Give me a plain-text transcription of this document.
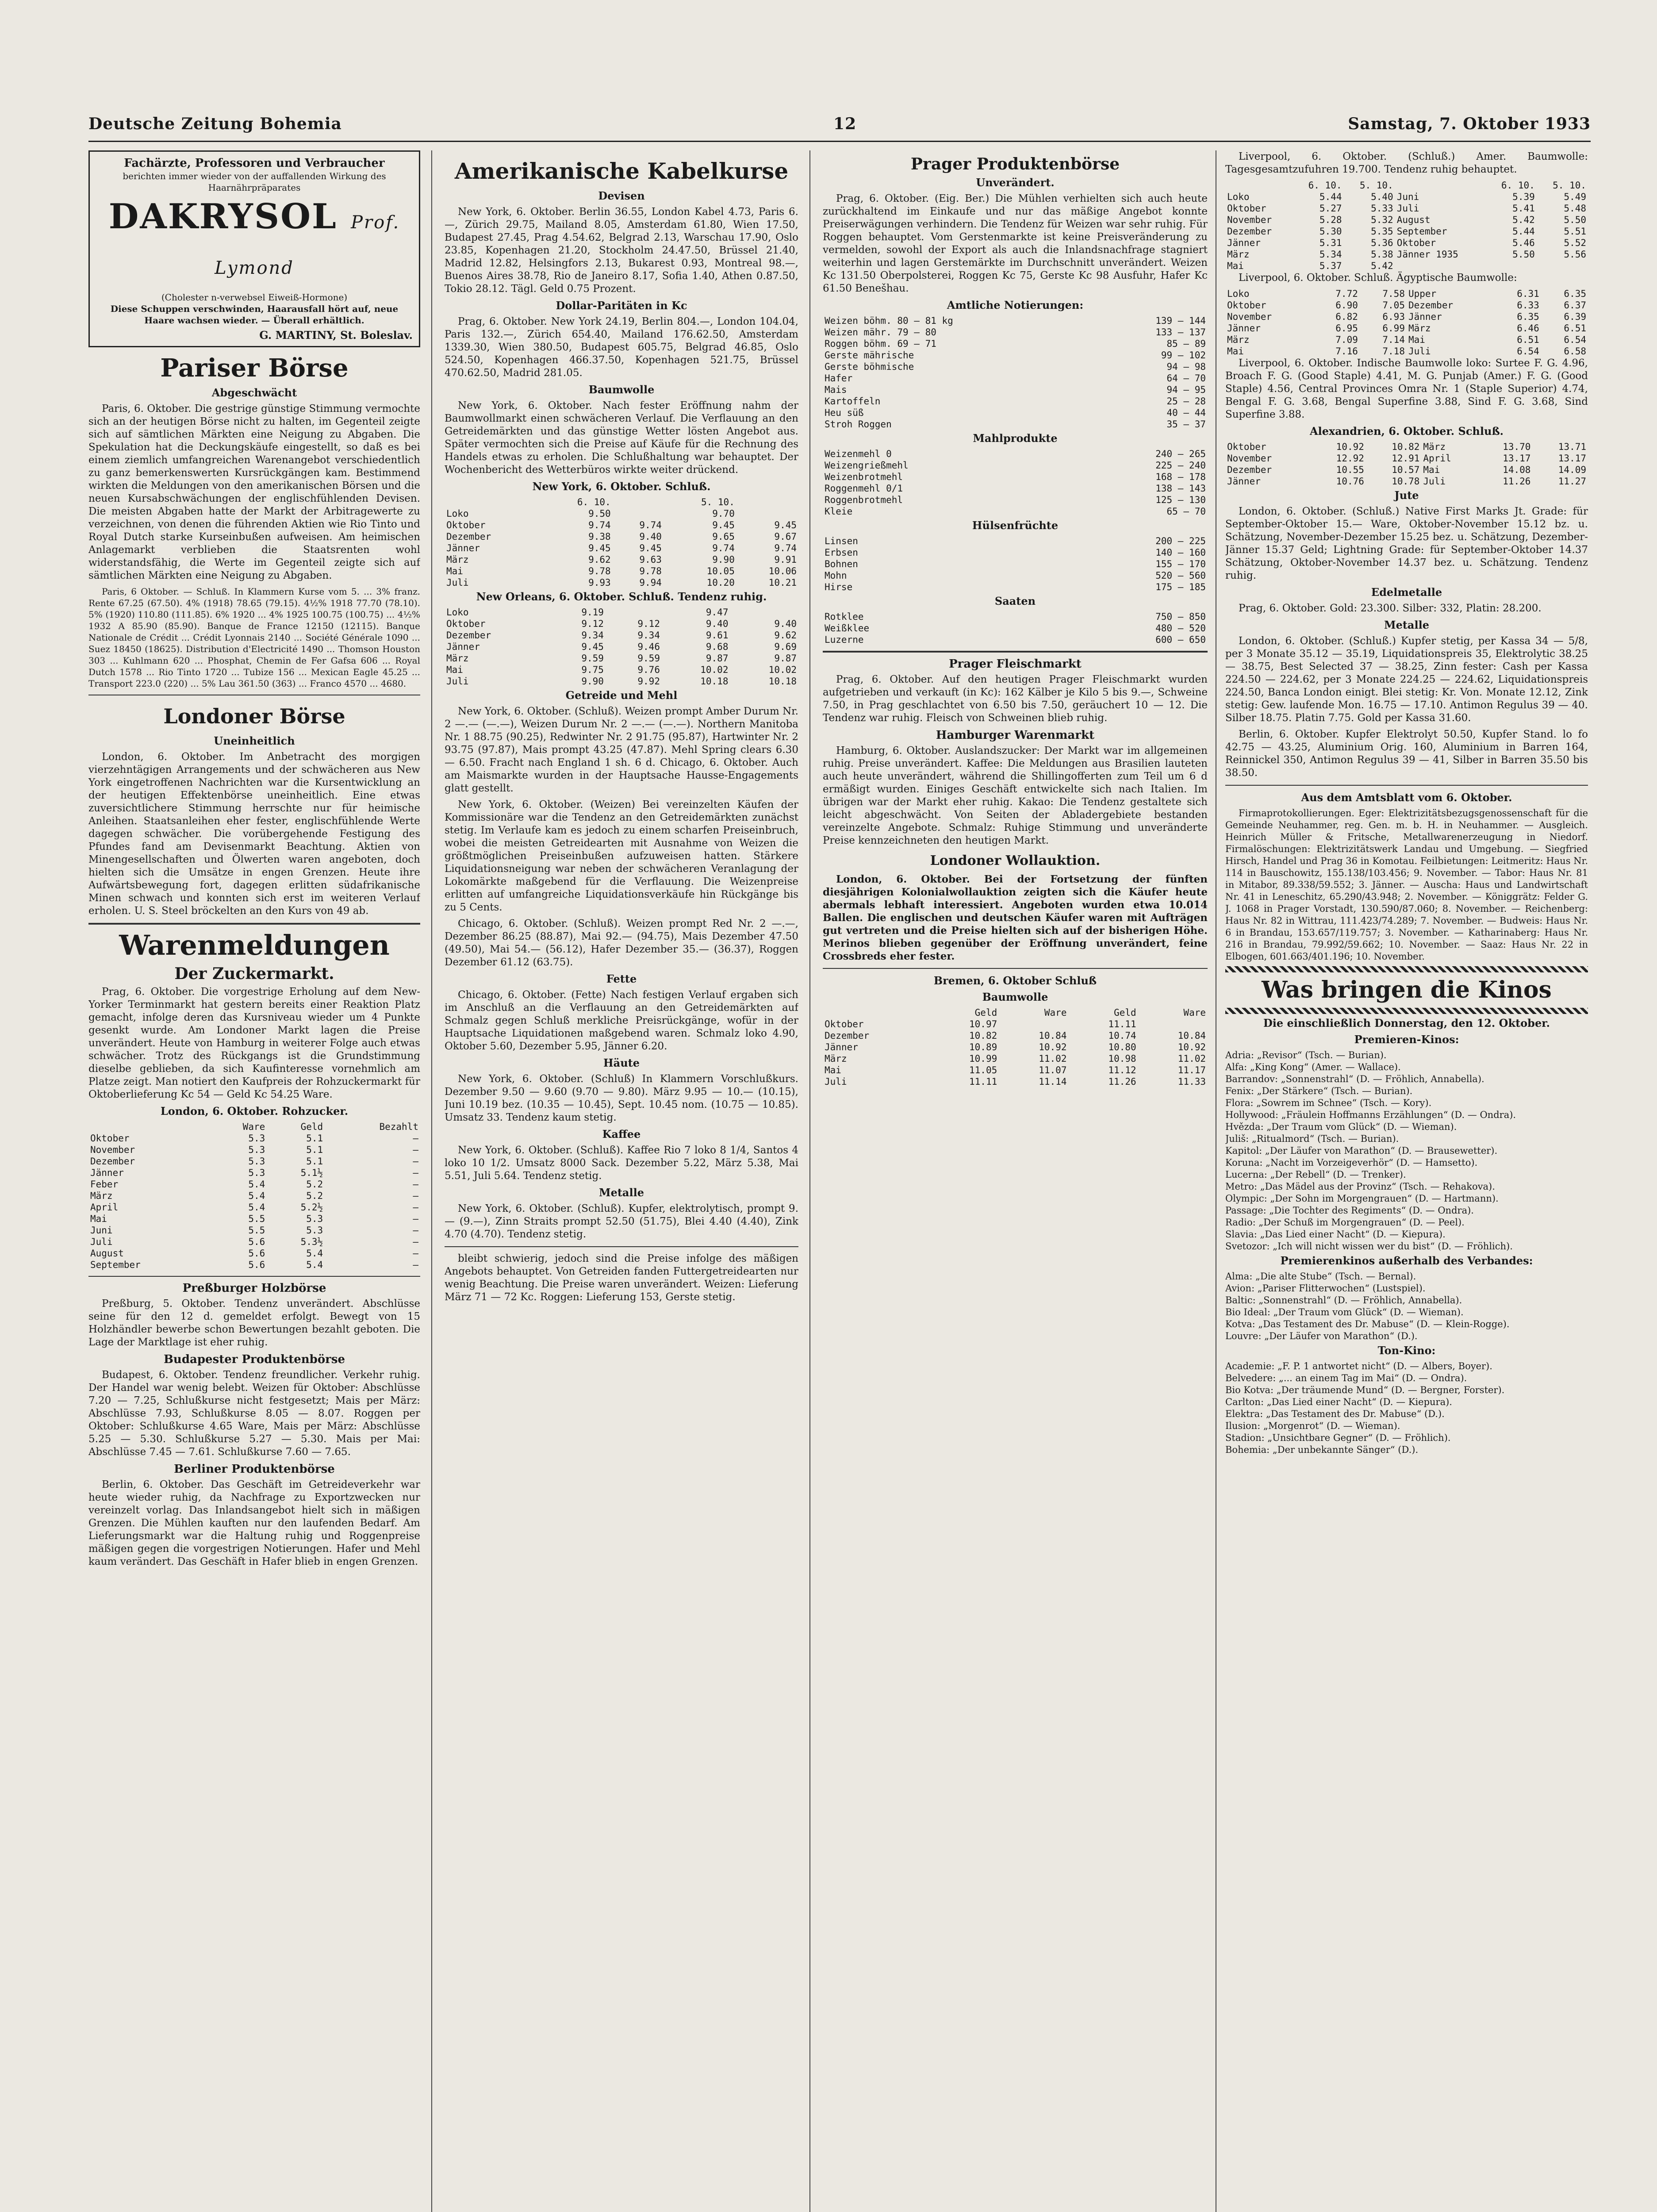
Deutsche Zeitung Bohemia	12	Samstag, 7. Oktober 1933
Fachärzte, Professoren und Verbraucher
berichten immer wieder von der auffallenden Wirkung des Haarnährpräparates
DAKRYSOL Prof. Lymond
(Cholester n-verwebsel Eiweiß-Hormone)
Diese Schuppen verschwinden, Haarausfall hört auf, neue Haare wachsen wieder. — Überall erhältlich.
G. MARTINY, St. Boleslav.
Pariser Börse
Abgeschwächt

Paris, 6. Oktober. Die gestrige günstige Stimmung vermochte sich an der heutigen Börse nicht zu halten, im Gegenteil zeigte sich auf sämtlichen Märkten eine Neigung zu Abgaben. Die Spekulation hat die Deckungskäufe eingestellt, so daß es bei einem ziemlich umfangreichen Warenangebot verschiedentlich zu ganz bemerkenswerten Kursrückgängen kam. Bestimmend wirkten die Meldungen von den amerikanischen Börsen und die neuen Kursabschwächungen der englischfühlenden Devisen. Die meisten Abgaben hatte der Markt der Arbitragewerte zu verzeichnen, von denen die führenden Aktien wie Rio Tinto und Royal Dutch starke Kurseinbußen aufweisen. Am heimischen Anlagemarkt verblieben die Staatsrenten wohl widerstandsfähig, die Werte im Gegenteil zeigte sich auf sämtlichen Märkten eine Neigung zu Abgaben.

Paris, 6 Oktober. — Schluß. In Klammern Kurse vom 5. ... 3% franz. Rente 67.25 (67.50). 4% (1918) 78.65 (79.15). 4½% 1918 77.70 (78.10). 5% (1920) 110.80 (111.85). 6% 1920 ... 4% 1925 100.75 (100.75) ... 4½% 1932 A 85.90 (85.90). Banque de France 12150 (12115). Banque Nationale de Crédit ... Crédit Lyonnais 2140 ... Société Générale 1090 ... Suez 18450 (18625). Distribution d'Electricité 1490 ... Thomson Houston 303 ... Kuhlmann 620 ... Phosphat, Chemin de Fer Gafsa 606 ... Royal Dutch 1578 ... Rio Tinto 1720 ... Tubize 156 ... Mexican Eagle 45.25 ... Transport 223.0 (220) ... 5% Lau 361.50 (363) ... Franco 4570 ... 4680.

Londoner Börse
Uneinheitlich

London, 6. Oktober. Im Anbetracht des morgigen vierzehntägigen Arrangements und der schwächeren aus New York eingetroffenen Nachrichten war die Kursentwicklung an der heutigen Effektenbörse uneinheitlich. Eine etwas zuversichtlichere Stimmung herrschte nur für heimische Anleihen. Staatsanleihen eher fester, englischfühlende Werte dagegen schwächer. Die vorübergehende Festigung des Pfundes fand am Devisenmarkt Beachtung. Aktien von Minengesellschaften und Ölwerten waren angeboten, doch hielten sich die Umsätze in engen Grenzen. Heute ihre Aufwärtsbewegung fort, dagegen erlitten südafrikanische Minen schwach und konnten sich erst im weiteren Verlauf erholen. U. S. Steel bröckelten an den Kurs von 49 ab.

Warenmeldungen
Der Zuckermarkt.

Prag, 6. Oktober. Die vorgestrige Erholung auf dem New-Yorker Terminmarkt hat gestern bereits einer Reaktion Platz gemacht, infolge deren das Kursniveau wieder um 4 Punkte gesenkt wurde. Am Londoner Markt lagen die Preise unverändert. Heute von Hamburg in weiterer Folge auch etwas schwächer. Trotz des Rückgangs ist die Grundstimmung dieselbe geblieben, da sich Kaufinteresse vornehmlich am Platze zeigt. Man notiert den Kaufpreis der Rohzuckermarkt für Oktoberlieferung Kc 54 — Geld Kc 54.25 Ware.

London, 6. Oktober. Rohzucker.
	Ware	Geld	Bezahlt
Oktober	5.3	5.1	—
November	5.3	5.1	—
Dezember	5.3	5.1	—
Jänner	5.3	5.1½	—
Feber	5.4	5.2	—
März	5.4	5.2	—
April	5.4	5.2½	—
Mai	5.5	5.3	—
Juni	5.5	5.3	—
Juli	5.6	5.3½	—
August	5.6	5.4	—
September	5.6	5.4	—
Preßburger Holzbörse

Preßburg, 5. Oktober. Tendenz unverändert. Abschlüsse seine für den 12 d. gemeldet erfolgt. Bewegt von 15 Holzhändler bewerbe schon Bewertungen bezahlt geboten. Die Lage der Marktlage ist eher ruhig.

Budapester Produktenbörse

Budapest, 6. Oktober. Tendenz freundlicher. Verkehr ruhig. Der Handel war wenig belebt. Weizen für Oktober: Abschlüsse 7.20 — 7.25, Schlußkurse nicht festgesetzt; Mais per März: Abschlüsse 7.93, Schlußkurse 8.05 — 8.07. Roggen per Oktober: Schlußkurse 4.65 Ware, Mais per März: Abschlüsse 5.25 — 5.30. Schlußkurse 5.27 — 5.30. Mais per Mai: Abschlüsse 7.45 — 7.61. Schlußkurse 7.60 — 7.65.

Berliner Produktenbörse

Berlin, 6. Oktober. Das Geschäft im Getreideverkehr war heute wieder ruhig, da Nachfrage zu Exportzwecken nur vereinzelt vorlag. Das Inlandsangebot hielt sich in mäßigen Grenzen. Die Mühlen kauften nur den laufenden Bedarf. Am Lieferungsmarkt war die Haltung ruhig und Roggenpreise mäßigen gegen die vorgestrigen Notierungen. Hafer und Mehl kaum verändert. Das Geschäft in Hafer blieb in engen Grenzen.

Amerikanische Kabelkurse
Devisen

New York, 6. Oktober. Berlin 36.55, London Kabel 4.73, Paris 6.—, Zürich 29.75, Mailand 8.05, Amsterdam 61.80, Wien 17.50, Budapest 27.45, Prag 4.54.62, Belgrad 2.13, Warschau 17.90, Oslo 23.85, Kopenhagen 21.20, Stockholm 24.47.50, Brüssel 21.40, Madrid 12.82, Helsingfors 2.13, Bukarest 0.93, Montreal 98.—, Buenos Aires 38.78, Rio de Janeiro 8.17, Sofia 1.40, Athen 0.87.50, Tokio 28.12. Tägl. Geld 0.75 Prozent.

Dollar-Paritäten in Kc

Prag, 6. Oktober. New York 24.19, Berlin 804.—, London 104.04, Paris 132.—, Zürich 654.40, Mailand 176.62.50, Amsterdam 1339.30, Wien 380.50, Budapest 605.75, Belgrad 46.85, Oslo 524.50, Kopenhagen 466.37.50, Kopenhagen 521.75, Brüssel 470.62.50, Madrid 281.05.

Baumwolle

New York, 6. Oktober. Nach fester Eröffnung nahm der Baumwollmarkt einen schwächeren Verlauf. Die Verflauung an den Getreidemärkten und das günstige Wetter lösten Angebot aus. Später vermochten sich die Preise auf Käufe für die Rechnung des Handels etwas zu erholen. Die Schlußhaltung war behauptet. Der Wochenbericht des Wetterbüros wirkte weiter drückend.

New York, 6. Oktober. Schluß.
	6. 10.		5. 10.	
Loko	9.50		9.70	
Oktober	9.74	9.74	9.45	9.45
Dezember	9.38	9.40	9.65	9.67
Jänner	9.45	9.45	9.74	9.74
März	9.62	9.63	9.90	9.91
Mai	9.78	9.78	10.05	10.06
Juli	9.93	9.94	10.20	10.21
New Orleans, 6. Oktober. Schluß. Tendenz ruhig.
Loko	9.19		9.47	
Oktober	9.12	9.12	9.40	9.40
Dezember	9.34	9.34	9.61	9.62
Jänner	9.45	9.46	9.68	9.69
März	9.59	9.59	9.87	9.87
Mai	9.75	9.76	10.02	10.02
Juli	9.90	9.92	10.18	10.18
Getreide und Mehl

New York, 6. Oktober. (Schluß). Weizen prompt Amber Durum Nr. 2 —.— (—.—), Weizen Durum Nr. 2 —.— (—.—). Northern Manitoba Nr. 1 88.75 (90.25), Redwinter Nr. 2 91.75 (95.87), Hartwinter Nr. 2 93.75 (97.87), Mais prompt 43.25 (47.87). Mehl Spring clears 6.30 — 6.50. Fracht nach England 1 sh. 6 d. Chicago, 6. Oktober. Auch am Maismarkte wurden in der Hauptsache Hausse-Engagements glatt gestellt.

New York, 6. Oktober. (Weizen) Bei vereinzelten Käufen der Kommissionäre war die Tendenz an den Getreidemärkten zunächst stetig. Im Verlaufe kam es jedoch zu einem scharfen Preiseinbruch, wobei die meisten Getreidearten mit Ausnahme von Weizen die größtmöglichen Preiseinbußen aufzuweisen hatten. Stärkere Liquidationsneigung war neben der schwächeren Veranlagung der Lokomärkte maßgebend für die Verflauung. Die Weizenpreise erlitten auf umfangreiche Liquidationsverkäufe hin Rückgänge bis zu 5 Cents.

Chicago, 6. Oktober. (Schluß). Weizen prompt Red Nr. 2 —.—, Dezember 86.25 (88.87), Mai 92.— (94.75), Mais Dezember 47.50 (49.50), Mai 54.— (56.12), Hafer Dezember 35.— (36.37), Roggen Dezember 61.12 (63.75).

Fette

Chicago, 6. Oktober. (Fette) Nach festigen Verlauf ergaben sich im Anschluß an die Verflauung an den Getreidemärkten auf Schmalz gegen Schluß merkliche Preisrückgänge, wofür in der Hauptsache Liquidationen maßgebend waren. Schmalz loko 4.90, Oktober 5.60, Dezember 5.95, Jänner 6.20.

Häute

New York, 6. Oktober. (Schluß) In Klammern Vorschlußkurs. Dezember 9.50 — 9.60 (9.70 — 9.80). März 9.95 — 10.— (10.15), Juni 10.19 bez. (10.35 — 10.45), Sept. 10.45 nom. (10.75 — 10.85). Umsatz 33. Tendenz kaum stetig.

Kaffee

New York, 6. Oktober. (Schluß). Kaffee Rio 7 loko 8 1/4, Santos 4 loko 10 1/2. Umsatz 8000 Sack. Dezember 5.22, März 5.38, Mai 5.51, Juli 5.64. Tendenz stetig.

Metalle

New York, 6. Oktober. (Schluß). Kupfer, elektrolytisch, prompt 9.— (9.—), Zinn Straits prompt 52.50 (51.75), Blei 4.40 (4.40), Zink 4.70 (4.70). Tendenz stetig.

bleibt schwierig, jedoch sind die Preise infolge des mäßigen Angebots behauptet. Von Getreiden fanden Futtergetreidearten nur wenig Beachtung. Die Preise waren unverändert. Weizen: Lieferung März 71 — 72 Kc. Roggen: Lieferung 153, Gerste stetig.

Prager Produktenbörse
Unverändert.

Prag, 6. Oktober. (Eig. Ber.) Die Mühlen verhielten sich auch heute zurückhaltend im Einkaufe und nur das mäßige Angebot konnte Preiserwägungen verhindern. Die Tendenz für Weizen war sehr ruhig. Für Roggen behauptet. Vom Gerstenmarkte ist keine Preisveränderung zu vermelden, sowohl der Export als auch die Inlandsnachfrage stagniert weiterhin und lagen Gerstemärkte im Durchschnitt unverändert. Weizen Kc 131.50 Oberpolsterei, Roggen Kc 75, Gerste Kc 98 Ausfuhr, Hafer Kc 61.50 Benešhau.

Amtliche Notierungen:
Weizen böhm. 80 — 81 kg	139 — 144
Weizen mähr. 79 — 80	133 — 137
Roggen böhm. 69 — 71	85 — 89
Gerste mährische	99 — 102
Gerste böhmische	94 — 98
Hafer	64 — 70
Mais	94 — 95
Kartoffeln	25 — 28
Heu süß	40 — 44
Stroh Roggen	35 — 37
Mahlprodukte
Weizenmehl 0	240 — 265
Weizengrießmehl	225 — 240
Weizenbrotmehl	168 — 178
Roggenmehl 0/1	138 — 143
Roggenbrotmehl	125 — 130
Kleie	65 — 70
Hülsenfrüchte
Linsen	200 — 225
Erbsen	140 — 160
Bohnen	155 — 170
Mohn	520 — 560
Hirse	175 — 185
Saaten
Rotklee	750 — 850
Weißklee	480 — 520
Luzerne	600 — 650
Prager Fleischmarkt

Prag, 6. Oktober. Auf den heutigen Prager Fleischmarkt wurden aufgetrieben und verkauft (in Kc): 162 Kälber je Kilo 5 bis 9.—, Schweine 7.50, in Prag geschlachtet von 6.50 bis 7.50, geräuchert 10 — 12. Die Tendenz war ruhig. Fleisch von Schweinen blieb ruhig.

Hamburger Warenmarkt

Hamburg, 6. Oktober. Auslandszucker: Der Markt war im allgemeinen ruhig. Preise unverändert. Kaffee: Die Meldungen aus Brasilien lauteten auch heute unverändert, während die Shillingofferten zum Teil um 6 d ermäßigt wurden. Einiges Geschäft entwickelte sich nach Italien. Im übrigen war der Markt eher ruhig. Kakao: Die Tendenz gestaltete sich leicht abgeschwächt. Von Seiten der Abladergebiete bestanden vereinzelte Angebote. Schmalz: Ruhige Stimmung und unveränderte Preise kennzeichneten den heutigen Markt.

Londoner Wollauktion.

London, 6. Oktober. Bei der Fortsetzung der fünften diesjährigen Kolonialwollauktion zeigten sich die Käufer heute abermals lebhaft interessiert. Angeboten wurden etwa 10.014 Ballen. Die englischen und deutschen Käufer waren mit Aufträgen gut vertreten und die Preise hielten sich auf der bisherigen Höhe. Merinos blieben gegenüber der Eröffnung unverändert, feine Crossbreds eher fester.

Bremen, 6. Oktober Schluß
Baumwolle
	Geld	Ware	Geld	Ware
Oktober	10.97		11.11	
Dezember	10.82	10.84	10.74	10.84
Jänner	10.89	10.92	10.80	10.92
März	10.99	11.02	10.98	11.02
Mai	11.05	11.07	11.12	11.17
Juli	11.11	11.14	11.26	11.33

Liverpool, 6. Oktober. (Schluß.) Amer. Baumwolle: Tagesgesamtzufuhren 19.700. Tendenz ruhig behauptet.

	6. 10.	5. 10.		6. 10.	5. 10.
Loko	5.44	5.40	Juni	5.39	5.49
Oktober	5.27	5.33	Juli	5.41	5.48
November	5.28	5.32	August	5.42	5.50
Dezember	5.30	5.35	September	5.44	5.51
Jänner	5.31	5.36	Oktober	5.46	5.52
März	5.34	5.38	Jänner 1935	5.50	5.56
Mai	5.37	5.42			

Liverpool, 6. Oktober. Schluß. Ägyptische Baumwolle:

Loko	7.72	7.58	Upper	6.31	6.35
Oktober	6.90	7.05	Dezember	6.33	6.37
November	6.82	6.93	Jänner	6.35	6.39
Jänner	6.95	6.99	März	6.46	6.51
März	7.09	7.14	Mai	6.51	6.54
Mai	7.16	7.18	Juli	6.54	6.58

Liverpool, 6. Oktober. Indische Baumwolle loko: Surtee F. G. 4.96, Broach F. G. (Good Staple) 4.41, M. G. Punjab (Amer.) F. G. (Good Staple) 4.56, Central Provinces Omra Nr. 1 (Staple Superior) 4.74, Bengal F. G. 3.68, Bengal Superfine 3.88, Sind F. G. 3.68, Sind Superfine 3.88.

Alexandrien, 6. Oktober. Schluß.
Oktober	10.92	10.82	März	13.70	13.71
November	12.92	12.91	April	13.17	13.17
Dezember	10.55	10.57	Mai	14.08	14.09
Jänner	10.76	10.78	Juli	11.26	11.27
Jute

London, 6. Oktober. (Schluß.) Native First Marks Jt. Grade: für September-Oktober 15.— Ware, Oktober-November 15.12 bz. u. Schätzung, November-Dezember 15.25 bez. u. Schätzung, Dezember-Jänner 15.37 Geld; Lightning Grade: für September-Oktober 14.37 Schätzung, Oktober-November 14.37 bez. u. Schätzung. Tendenz ruhig.

Edelmetalle

Prag, 6. Oktober. Gold: 23.300. Silber: 332, Platin: 28.200.

Metalle

London, 6. Oktober. (Schluß.) Kupfer stetig, per Kassa 34 — 5/8, per 3 Monate 35.12 — 35.19, Liquidationspreis 35, Elektrolytic 38.25 — 38.75, Best Selected 37 — 38.25, Zinn fester: Cash per Kassa 224.50 — 224.62, per 3 Monate 224.25 — 224.62, Liquidationspreis 224.50, Banca London einigt. Blei stetig: Kr. Von. Monate 12.12, Zink stetig: Gew. laufende Mon. 16.75 — 17.10. Antimon Regulus 39 — 40. Silber 18.75. Platin 7.75. Gold per Kassa 31.60.

Berlin, 6. Oktober. Kupfer Elektrolyt 50.50, Kupfer Stand. lo fo 42.75 — 43.25, Aluminium Orig. 160, Aluminium in Barren 164, Reinnickel 350, Antimon Regulus 39 — 41, Silber in Barren 35.50 bis 38.50.

Aus dem Amtsblatt vom 6. Oktober.

Firmaprotokollierungen. Eger: Elektrizitätsbezugsgenossenschaft für die Gemeinde Neuhammer, reg. Gen. m. b. H. in Neuhammer. — Ausgleich. Heinrich Müller & Fritsche, Metallwarenerzeugung in Niedorf. Firmalöschungen: Elektrizitätswerk Landau und Umgebung. — Siegfried Hirsch, Handel und Prag 36 in Komotau. Feilbietungen: Leitmeritz: Haus Nr. 114 in Bauschowitz, 155.138/103.456; 9. November. — Tabor: Haus Nr. 81 in Mitabor, 89.338/59.552; 3. Jänner. — Auscha: Haus und Landwirtschaft Nr. 41 in Leneschitz, 65.290/43.948; 2. November. — Königgrätz: Felder G. J. 1068 in Prager Vorstadt, 130.590/87.060; 8. November. — Reichenberg: Haus Nr. 82 in Wittrau, 111.423/74.289; 7. November. — Budweis: Haus Nr. 6 in Brandau, 153.657/119.757; 3. November. — Katharinaberg: Haus Nr. 216 in Brandau, 79.992/59.662; 10. November. — Saaz: Haus Nr. 22 in Elbogen, 601.663/401.196; 10. November.

Was bringen die Kinos
Die einschließlich Donnerstag, den 12. Oktober.
Premieren-Kinos:
Adria: „Revisor“ (Tsch. — Burian).
Alfa: „King Kong“ (Amer. — Wallace).
Barrandov: „Sonnenstrahl“ (D. — Fröhlich, Annabella).
Fenix: „Der Stärkere“ (Tsch. — Burian).
Flora: „Sowrem im Schnee“ (Tsch. — Kory).
Hollywood: „Fräulein Hoffmanns Erzählungen“ (D. — Ondra).
Hvězda: „Der Traum vom Glück“ (D. — Wieman).
Juliš: „Ritualmord“ (Tsch. — Burian).
Kapitol: „Der Läufer von Marathon“ (D. — Brausewetter).
Koruna: „Nacht im Vorzeigeverhör“ (D. — Hamsetto).
Lucerna: „Der Rebell“ (D. — Trenker).
Metro: „Das Mädel aus der Provinz“ (Tsch. — Rehakova).
Olympic: „Der Sohn im Morgengrauen“ (D. — Hartmann).
Passage: „Die Tochter des Regiments“ (D. — Ondra).
Radio: „Der Schuß im Morgengrauen“ (D. — Peel).
Slavia: „Das Lied einer Nacht“ (D. — Kiepura).
Svetozor: „Ich will nicht wissen wer du bist“ (D. — Fröhlich).
Premierenkinos außerhalb des Verbandes:
Alma: „Die alte Stube“ (Tsch. — Bernal).
Avion: „Pariser Flitterwochen“ (Lustspiel).
Baltic: „Sonnenstrahl“ (D. — Fröhlich, Annabella).
Bio Ideal: „Der Traum vom Glück“ (D. — Wieman).
Kotva: „Das Testament des Dr. Mabuse“ (D. — Klein-Rogge).
Louvre: „Der Läufer von Marathon“ (D.).
Ton-Kino:
Academie: „F. P. 1 antwortet nicht“ (D. — Albers, Boyer).
Belvedere: „... an einem Tag im Mai“ (D. — Ondra).
Bio Kotva: „Der träumende Mund“ (D. — Bergner, Forster).
Carlton: „Das Lied einer Nacht“ (D. — Kiepura).
Elektra: „Das Testament des Dr. Mabuse“ (D.).
Ilusion: „Morgenrot“ (D. — Wieman).
Stadion: „Unsichtbare Gegner“ (D. — Fröhlich).
Bohemia: „Der unbekannte Sänger“ (D.).
